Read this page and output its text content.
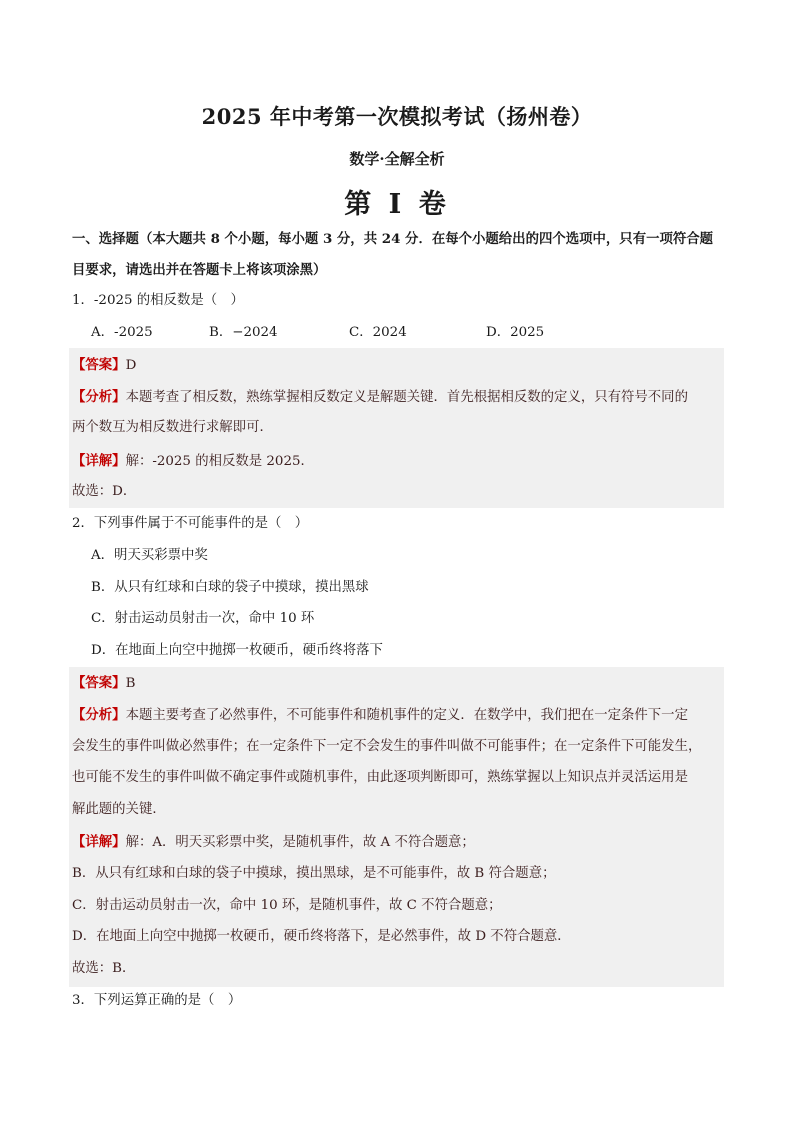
2025 年中考第一次模拟考试（扬州卷）
数学·全解全析
第 I 卷
一、选择题（本大题共 8 个小题，每小题 3 分，共 24 分．在每个小题给出的四个选项中，只有一项符合题
目要求，请选出并在答题卡上将该项涂黑）
1．-2025 的相反数是（　）
A．-2025	B．−2024	C．2024	D．2025
【答案】D
【分析】本题考查了相反数，熟练掌握相反数定义是解题关键．首先根据相反数的定义，只有符号不同的
两个数互为相反数进行求解即可．
【详解】解：-2025 的相反数是 2025．
故选：D．
2．下列事件属于不可能事件的是（　）
A．明天买彩票中奖
B．从只有红球和白球的袋子中摸球，摸出黑球
C．射击运动员射击一次，命中 10 环
D．在地面上向空中抛掷一枚硬币，硬币终将落下
【答案】B
【分析】本题主要考查了必然事件，不可能事件和随机事件的定义．在数学中，我们把在一定条件下一定
会发生的事件叫做必然事件；在一定条件下一定不会发生的事件叫做不可能事件；在一定条件下可能发生，
也可能不发生的事件叫做不确定事件或随机事件，由此逐项判断即可，熟练掌握以上知识点并灵活运用是
解此题的关键．
【详解】解：A．明天买彩票中奖，是随机事件，故 A 不符合题意；
B．从只有红球和白球的袋子中摸球，摸出黑球，是不可能事件，故 B 符合题意；
C．射击运动员射击一次，命中 10 环，是随机事件，故 C 不符合题意；
D．在地面上向空中抛掷一枚硬币，硬币终将落下，是必然事件，故 D 不符合题意．
故选：B．
3．下列运算正确的是（　）
